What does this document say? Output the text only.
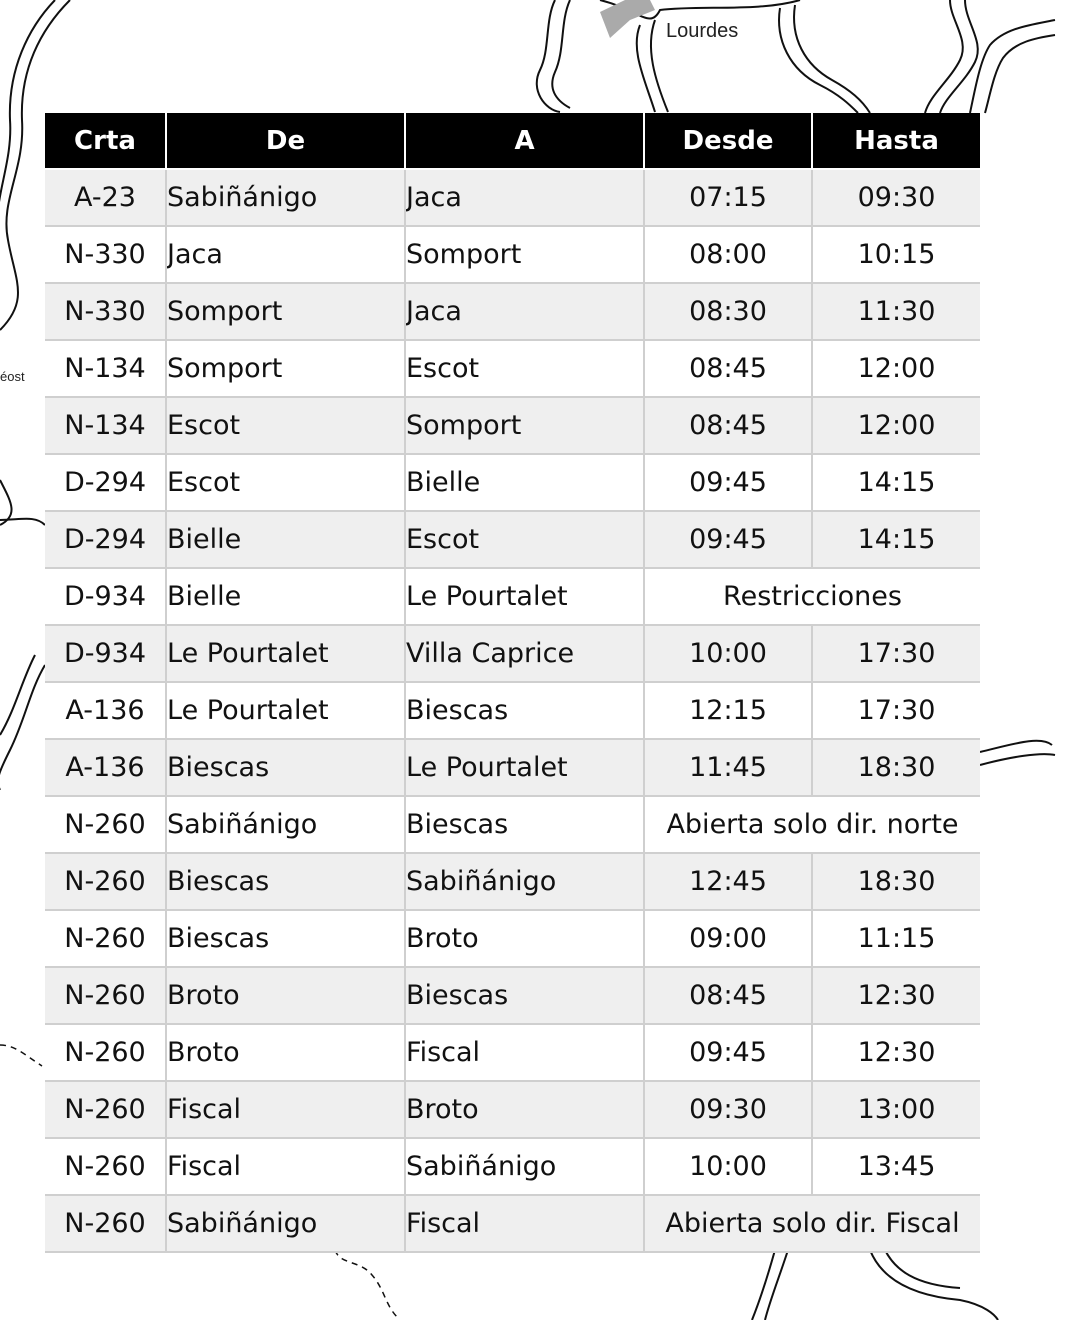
Lourdes
éost
Crta	De	A	Desde	Hasta
A-23	Sabiñánigo	Jaca	07:15	09:30
N-330	Jaca	Somport	08:00	10:15
N-330	Somport	Jaca	08:30	11:30
N-134	Somport	Escot	08:45	12:00
N-134	Escot	Somport	08:45	12:00
D-294	Escot	Bielle	09:45	14:15
D-294	Bielle	Escot	09:45	14:15
D-934	Bielle	Le Pourtalet	Restricciones	
D-934	Le Pourtalet	Villa Caprice	10:00	17:30
A-136	Le Pourtalet	Biescas	12:15	17:30
A-136	Biescas	Le Pourtalet	11:45	18:30
N-260	Sabiñánigo	Biescas	Abierta solo dir. norte	
N-260	Biescas	Sabiñánigo	12:45	18:30
N-260	Biescas	Broto	09:00	11:15
N-260	Broto	Biescas	08:45	12:30
N-260	Broto	Fiscal	09:45	12:30
N-260	Fiscal	Broto	09:30	13:00
N-260	Fiscal	Sabiñánigo	10:00	13:45
N-260	Sabiñánigo	Fiscal	Abierta solo dir. Fiscal	
